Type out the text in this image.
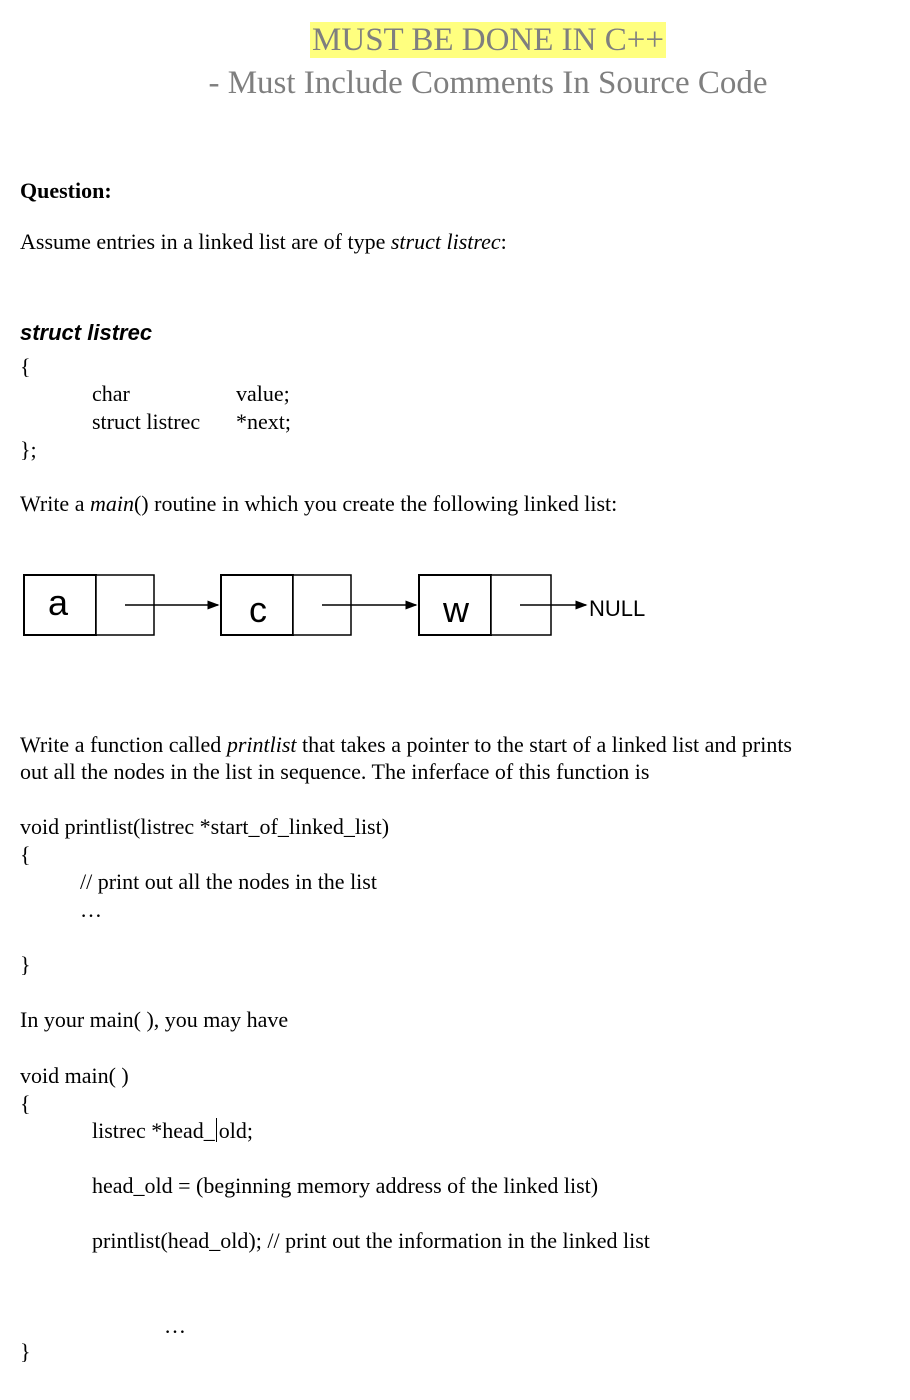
MUST BE DONE IN C++
- Must Include Comments In Source Code
Question:
Assume entries in a linked list are of type struct listrec:
struct listrec
{
char	value;
struct listrec *next;
};
Write a main() routine in which you create the following linked list:
a	c	w	NULL
Write a function called printlist that takes a pointer to the start of a linked list and prints
out all the nodes in the list in sequence. The inferface of this function is
void printlist(listrec *start_of_linked_list)
{
// print out all the nodes in the list
…
}
In your main( ), you may have
void main( )
{
listrec *head_ old;
head_old = (beginning memory address of the linked list)
printlist(head_old); // print out the information in the linked list
…
}
